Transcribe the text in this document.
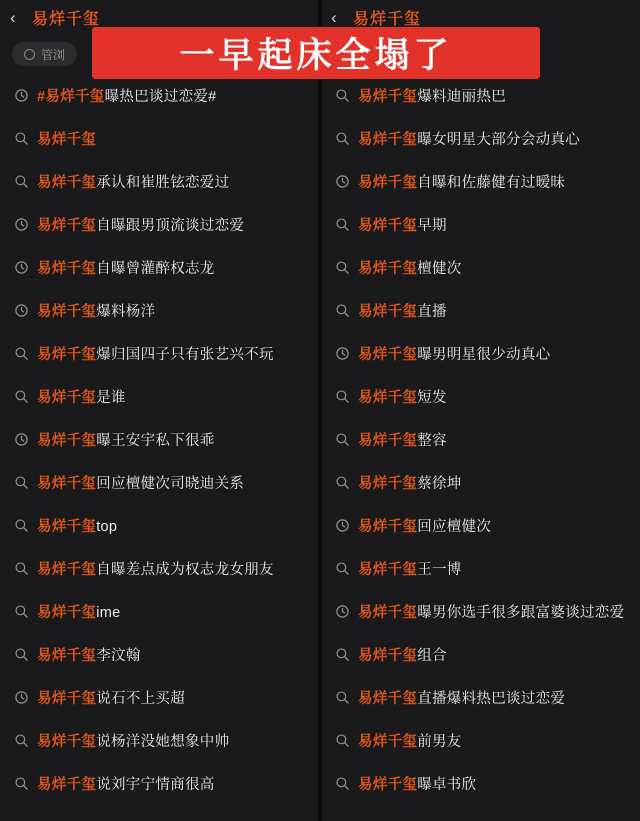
‹	易烊千玺
管浏
#易烊千玺曝热巴谈过恋爱#
易烊千玺
易烊千玺承认和崔胜铉恋爱过
易烊千玺自曝跟男顶流谈过恋爱
易烊千玺自曝曾灌醉权志龙
易烊千玺爆料杨洋
易烊千玺爆归国四子只有张艺兴不玩
易烊千玺是谁
易烊千玺曝王安宇私下很乖
易烊千玺回应檀健次司晓迪关系
易烊千玺top
易烊千玺自曝差点成为权志龙女朋友
易烊千玺ime
易烊千玺李汶翰
易烊千玺说石不上买超
易烊千玺说杨洋没她想象中帅
易烊千玺说刘宇宁情商很高
‹	易烊千玺
易烊千玺爆料迪丽热巴
易烊千玺曝女明星大部分会动真心
易烊千玺自曝和佐藤健有过暧昧
易烊千玺早期
易烊千玺檀健次
易烊千玺直播
易烊千玺曝男明星很少动真心
易烊千玺短发
易烊千玺整容
易烊千玺蔡徐坤
易烊千玺回应檀健次
易烊千玺王一博
易烊千玺曝男你选手很多跟富婆谈过恋爱
易烊千玺组合
易烊千玺直播爆料热巴谈过恋爱
易烊千玺前男友
易烊千玺曝卓书欣
一早起床全塌了
